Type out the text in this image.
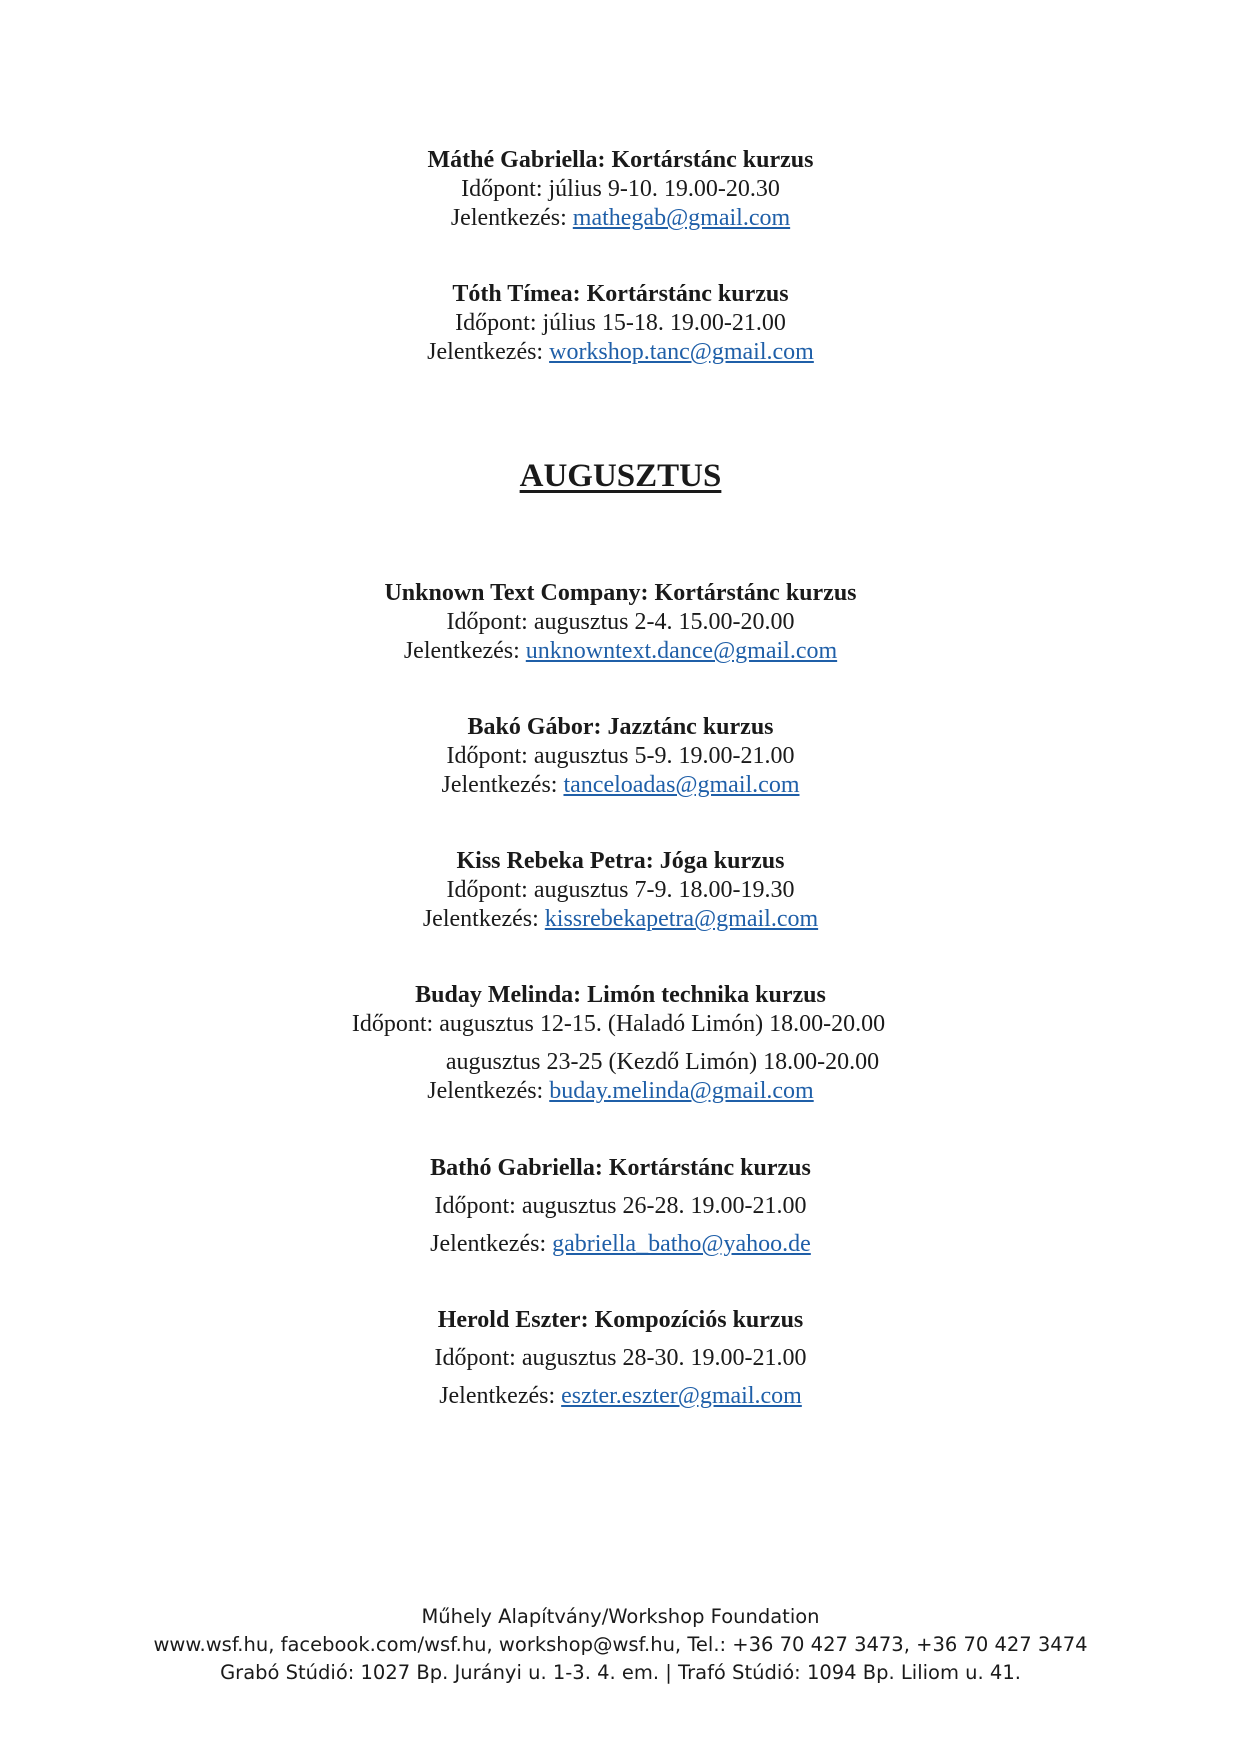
Máthé Gabriella: Kortárstánc kurzus
Időpont: július 9-10. 19.00-20.30
Jelentkezés: mathegab@gmail.com
Tóth Tímea: Kortárstánc kurzus
Időpont: július 15-18. 19.00-21.00
Jelentkezés: workshop.tanc@gmail.com
AUGUSZTUS
Unknown Text Company: Kortárstánc kurzus
Időpont: augusztus 2-4. 15.00-20.00
Jelentkezés: unknowntext.dance@gmail.com
Bakó Gábor: Jazztánc kurzus
Időpont: augusztus 5-9. 19.00-21.00
Jelentkezés: tanceloadas@gmail.com
Kiss Rebeka Petra: Jóga kurzus
Időpont: augusztus 7-9. 18.00-19.30
Jelentkezés: kissrebekapetra@gmail.com
Buday Melinda: Limón technika kurzus
Időpont: augusztus 12-15. (Haladó Limón) 18.00-20.00
augusztus 23-25 (Kezdő Limón) 18.00-20.00
Jelentkezés: buday.melinda@gmail.com
Bathó Gabriella: Kortárstánc kurzus
Időpont: augusztus 26-28. 19.00-21.00
Jelentkezés: gabriella_batho@yahoo.de
Herold Eszter: Kompozíciós kurzus
Időpont: augusztus 28-30. 19.00-21.00
Jelentkezés: eszter.eszter@gmail.com
Műhely Alapítvány/Workshop Foundation
www.wsf.hu, facebook.com/wsf.hu, workshop@wsf.hu, Tel.: +36 70 427 3473, +36 70 427 3474
Grabó Stúdió: 1027 Bp. Jurányi u. 1-3. 4. em. | Trafó Stúdió: 1094 Bp. Liliom u. 41.
